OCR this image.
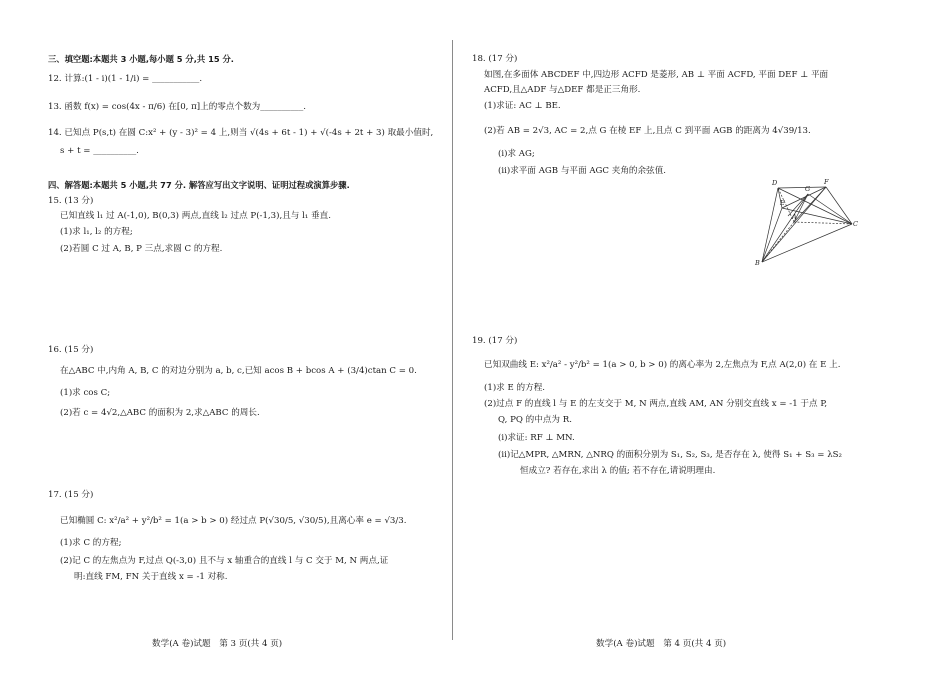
三、填空题:本题共 3 小题,每小题 5 分,共 15 分.
12. 计算:(1 - i)(1 - 1/i) = ___________.
13. 函数 f(x) = cos(4x - π/6) 在[0, π]上的零点个数为__________.
14. 已知点 P(s,t) 在圆 C:x² + (y - 3)² = 4 上,则当 √(4s + 6t - 1) + √(-4s + 2t + 3) 取最小值时,
s + t = __________.
四、解答题:本题共 5 小题,共 77 分. 解答应写出文字说明、证明过程或演算步骤.
15. (13 分)
已知直线 l₁ 过 A(-1,0), B(0,3) 两点,直线 l₂ 过点 P(-1,3),且与 l₁ 垂直.
(1)求 l₁, l₂ 的方程;
(2)若圆 C 过 A, B, P 三点,求圆 C 的方程.
16. (15 分)
在△ABC 中,内角 A, B, C 的对边分别为 a, b, c,已知 acos B + bcos A + (3/4)ctan C = 0.
(1)求 cos C;
(2)若 c = 4√2,△ABC 的面积为 2,求△ABC 的周长.
17. (15 分)
已知椭圆 C: x²/a² + y²/b² = 1(a > b > 0) 经过点 P(√30/5, √30/5),且离心率 e = √3/3.
(1)求 C 的方程;
(2)记 C 的左焦点为 F,过点 Q(-3,0) 且不与 x 轴重合的直线 l 与 C 交于 M, N 两点,证
明:直线 FM, FN 关于直线 x = -1 对称.
18. (17 分)
如图,在多面体 ABCDEF 中,四边形 ACFD 是菱形, AB ⊥ 平面 ACFD, 平面 DEF ⊥ 平面
ACFD,且△ADF 与△DEF 都是正三角形.
(1)求证: AC ⊥ BE.
(2)若 AB = 2√3, AC = 2,点 G 在棱 EF 上,且点 C 到平面 AGB 的距离为 4√39/13.
(ⅰ)求 AG;
(ⅱ)求平面 AGB 与平面 AGC 夹角的余弦值.
19. (17 分)
已知双曲线 E: x²/a² - y²/b² = 1(a > 0, b > 0) 的离心率为 2,左焦点为 F,点 A(2,0) 在 E 上.
(1)求 E 的方程.
(2)过点 F 的直线 l 与 E 的左支交于 M, N 两点,直线 AM, AN 分别交直线 x = -1 于点 P,
Q, PQ 的中点为 R.
(ⅰ)求证: RF ⊥ MN.
(ⅱ)记△MPR, △MRN, △NRQ 的面积分别为 S₁, S₂, S₃, 是否存在 λ, 使得 S₁ + S₃ = λS₂
恒成立? 若存在,求出 λ 的值; 若不存在,请说明理由.
D	F
G
E
A
C
B
数学(A 卷)试题　第 3 页(共 4 页)	数学(A 卷)试题　第 4 页(共 4 页)
